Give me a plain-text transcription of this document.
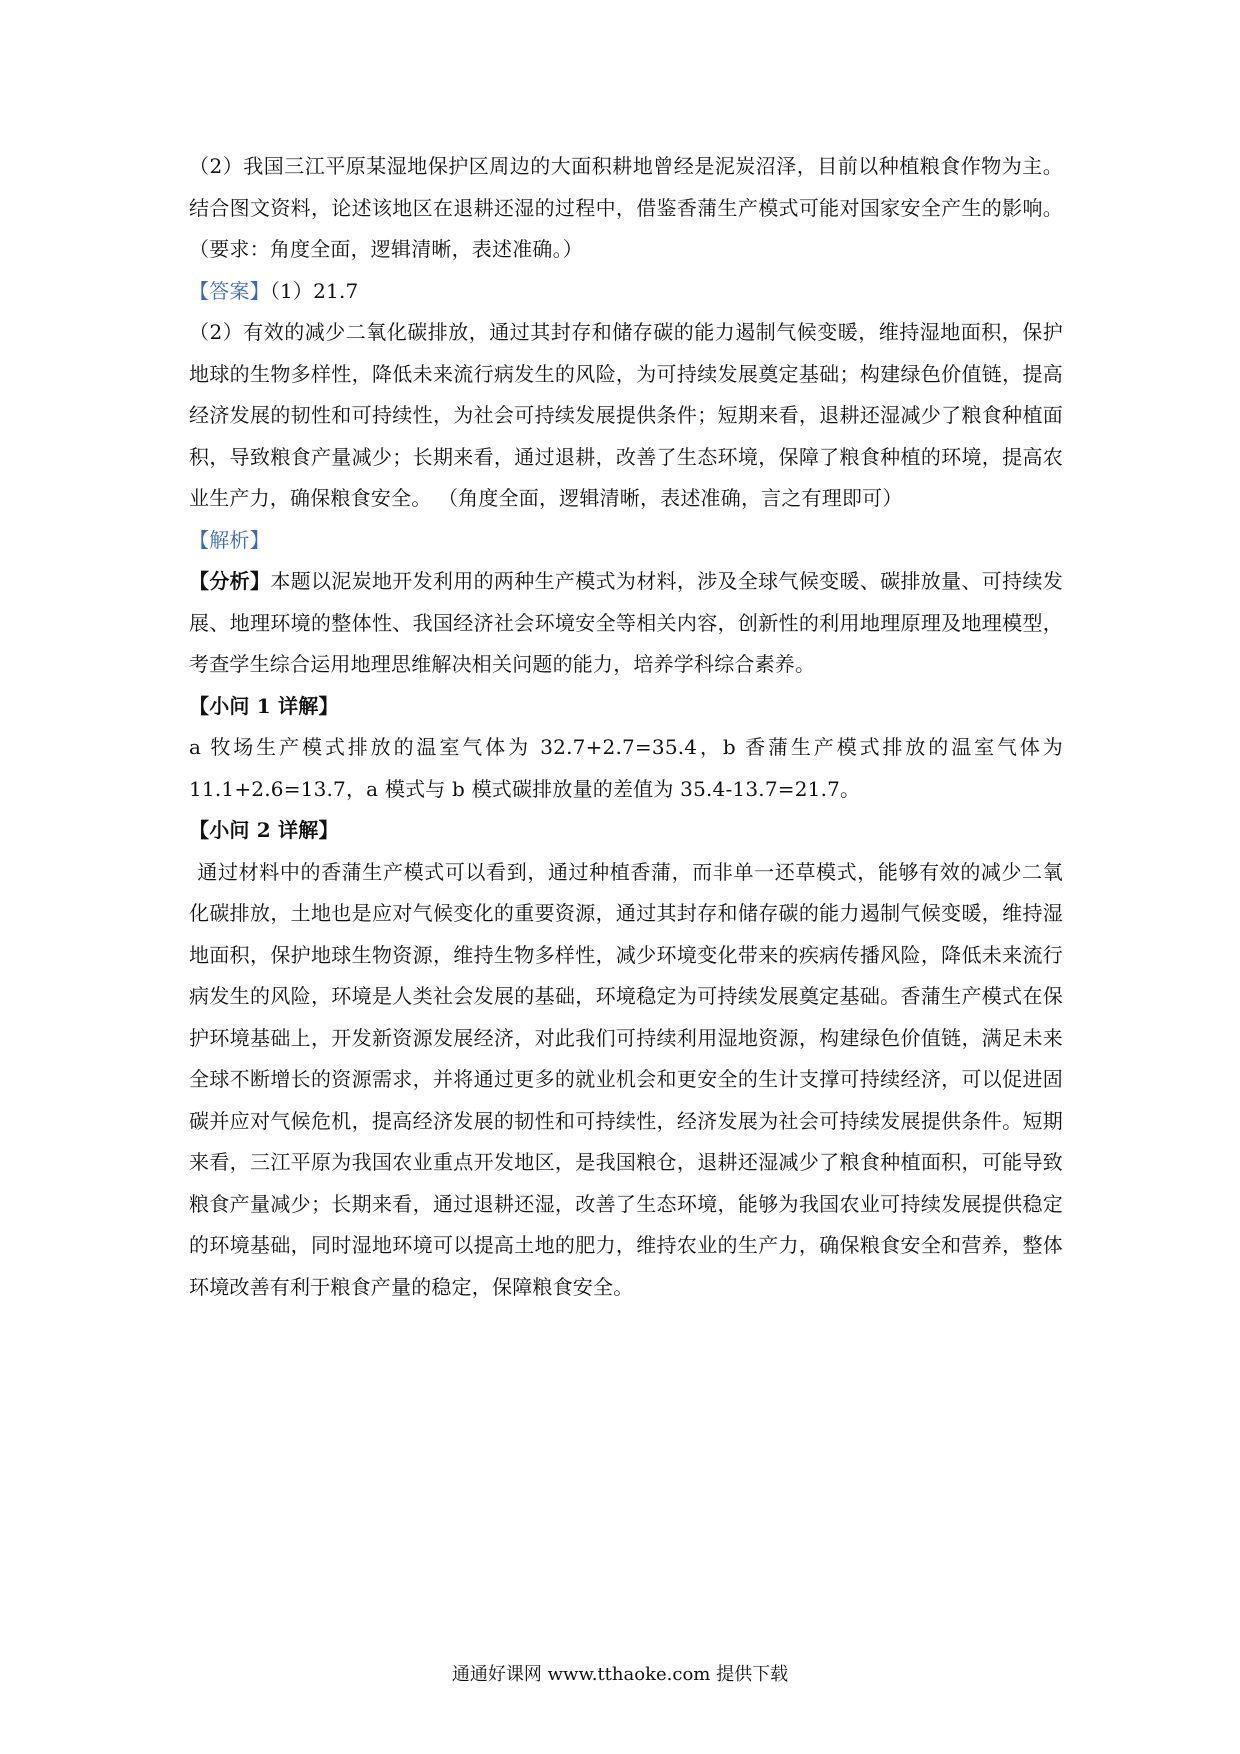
（2）我国三江平原某湿地保护区周边的大面积耕地曾经是泥炭沼泽，目前以种植粮食作物为主。结合图文资料，论述该地区在退耕还湿的过程中，借鉴香蒲生产模式可能对国家安全产生的影响。（要求：角度全面，逻辑清晰，表述准确。）

【答案】（1）21.7

（2）有效的减少二氧化碳排放，通过其封存和储存碳的能力遏制气候变暖，维持湿地面积，保护地球的生物多样性，降低未来流行病发生的风险，为可持续发展奠定基础；构建绿色价值链，提高经济发展的韧性和可持续性，为社会可持续发展提供条件；短期来看，退耕还湿减少了粮食种植面积，导致粮食产量减少；长期来看，通过退耕，改善了生态环境，保障了粮食种植的环境，提高农业生产力，确保粮食安全。 （角度全面，逻辑清晰，表述准确，言之有理即可）

【解析】

【分析】本题以泥炭地开发利用的两种生产模式为材料，涉及全球气候变暖、碳排放量、可持续发展、地理环境的整体性、我国经济社会环境安全等相关内容，创新性的利用地理原理及地理模型，考查学生综合运用地理思维解决相关问题的能力，培养学科综合素养。

【小问 1 详解】

a 牧场生产模式排放的温室气体为 32.7+2.7=35.4，b 香蒲生产模式排放的温室气体为 11.1+2.6=13.7，a 模式与 b 模式碳排放量的差值为 35.4-13.7=21.7。

【小问 2 详解】

通过材料中的香蒲生产模式可以看到，通过种植香蒲，而非单一还草模式，能够有效的减少二氧化碳排放，土地也是应对气候变化的重要资源，通过其封存和储存碳的能力遏制气候变暖，维持湿地面积，保护地球生物资源，维持生物多样性，减少环境变化带来的疾病传播风险，降低未来流行病发生的风险，环境是人类社会发展的基础，环境稳定为可持续发展奠定基础。香蒲生产模式在保护环境基础上，开发新资源发展经济，对此我们可持续利用湿地资源，构建绿色价值链，满足未来全球不断增长的资源需求，并将通过更多的就业机会和更安全的生计支撑可持续经济，可以促进固碳并应对气候危机，提高经济发展的韧性和可持续性，经济发展为社会可持续发展提供条件。短期来看，三江平原为我国农业重点开发地区，是我国粮仓，退耕还湿减少了粮食种植面积，可能导致粮食产量减少；长期来看，通过退耕还湿，改善了生态环境，能够为我国农业可持续发展提供稳定的环境基础，同时湿地环境可以提高土地的肥力，维持农业的生产力，确保粮食安全和营养，整体环境改善有利于粮食产量的稳定，保障粮食安全。

通通好课网 www.tthaoke.com 提供下载
